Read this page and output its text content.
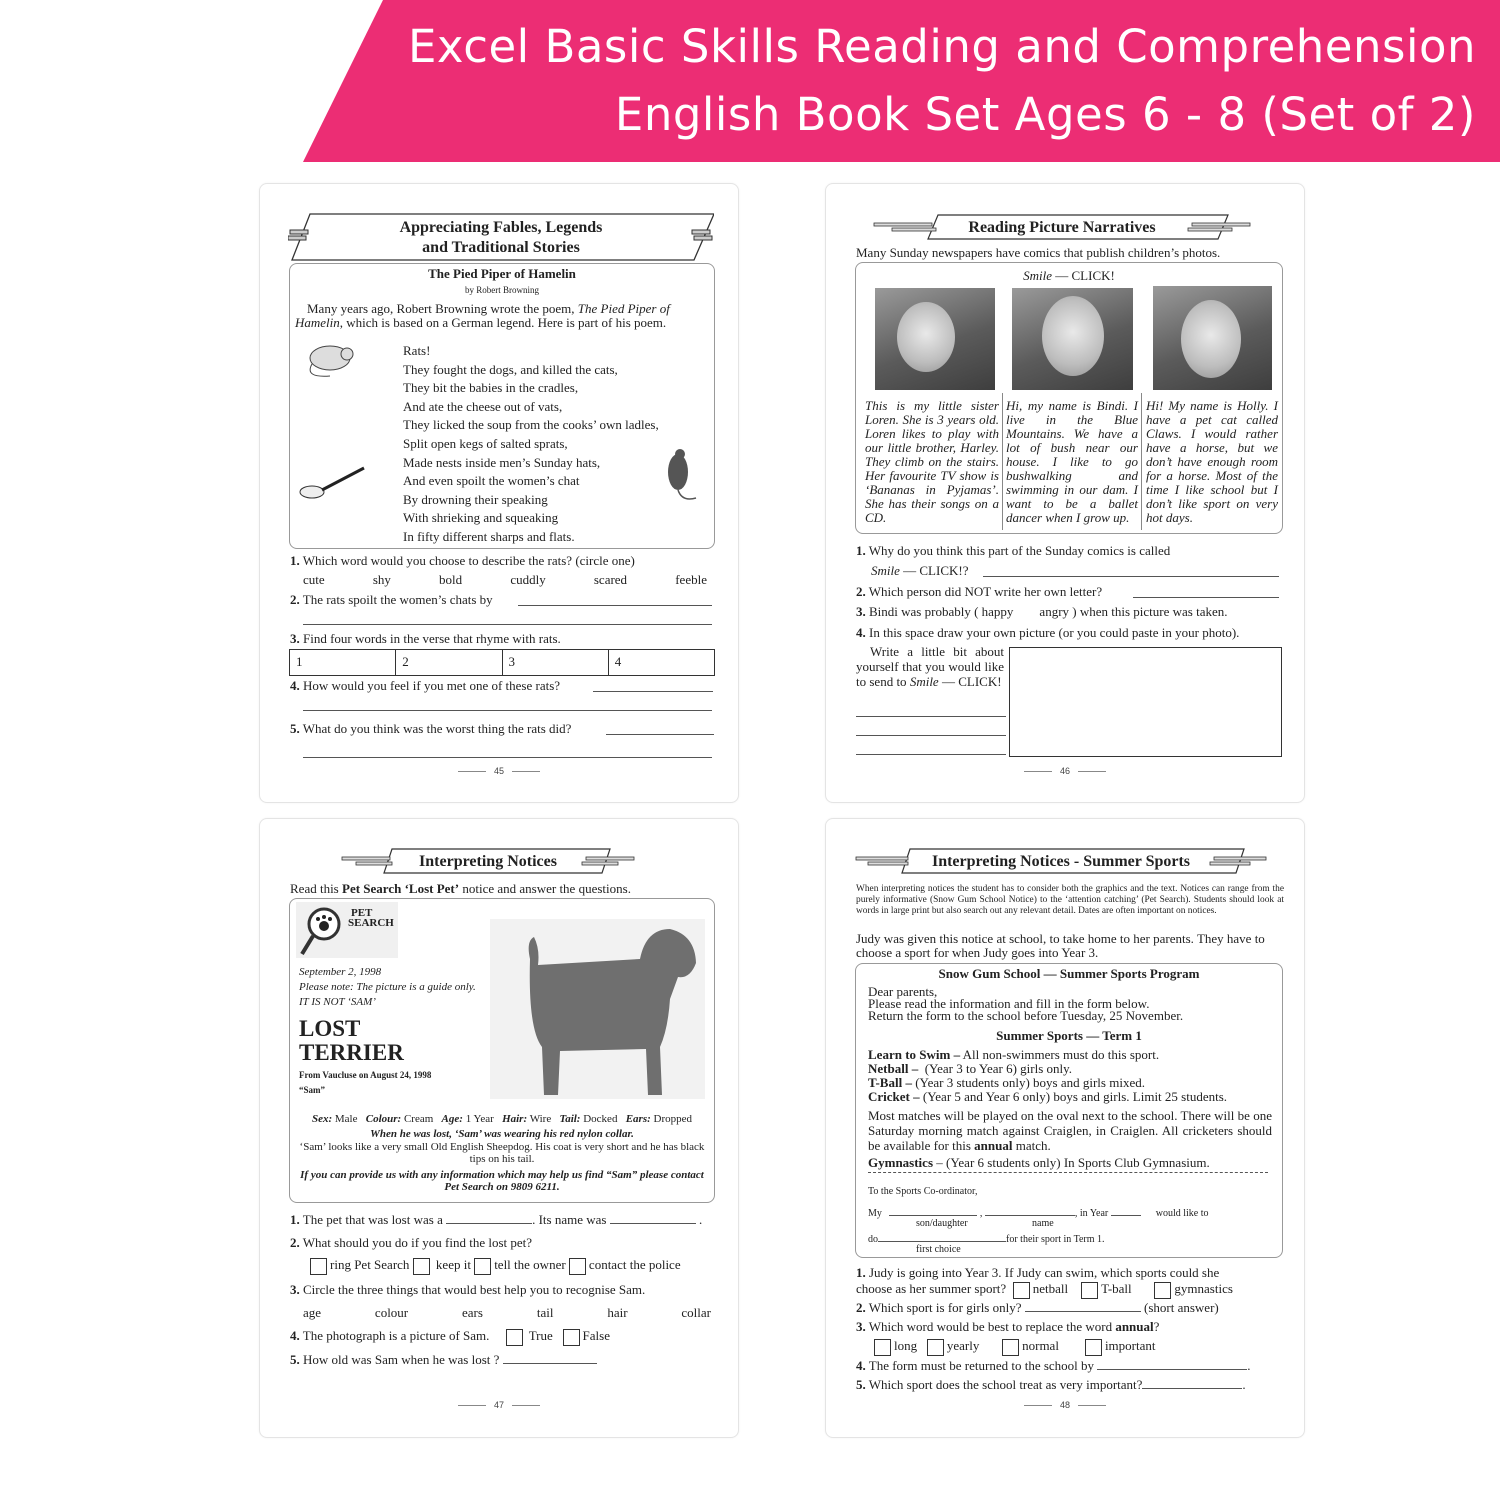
Excel Basic Skills Reading and Comprehension
English Book Set Ages 6 - 8 (Set of 2)
Appreciating Fables, Legends
and Traditional Stories
The Pied Piper of Hamelin
by Robert Browning
Many years ago, Robert Browning wrote the poem, The Pied Piper of Hamelin, which is based on a German legend. Here is part of his poem.
Rats!
They fought the dogs, and killed the cats,
They bit the babies in the cradles,
And ate the cheese out of vats,
They licked the soup from the cooks’ own ladles,
Split open kegs of salted sprats,
Made nests inside men’s Sunday hats,
And even spoilt the women’s chat
By drowning their speaking
With shrieking and squeaking
In fifty different sharps and flats.
1. Which word would you choose to describe the rats? (circle one)
cute	shy	bold	cuddly	scared	feeble
2. The rats spoilt the women’s chats by
3. Find four words in the verse that rhyme with rats.
1	2	3	4
4. How would you feel if you met one of these rats?
5. What do you think was the worst thing the rats did?
45
Reading Picture Narratives
Many Sunday newspapers have comics that publish children’s photos.
Smile — CLICK!
This is my little sister Loren. She is 3 years old. Loren likes to play with our little brother, Harley. They climb on the stairs. Her favourite TV show is ‘Bananas in Pyjamas’. She has their songs on a CD.
Hi, my name is Bindi. I live in the Blue Mountains. We have a lot of bush near our house. I like to go bushwalking and swimming in our dam. I want to be a ballet dancer when I grow up.
Hi! My name is Holly. I have a pet cat called Claws. I would rather have a horse, but we don’t have enough room for a horse. Most of the time I like school but I don’t like sport on very hot days.
1. Why do you think this part of the Sunday comics is called
Smile — CLICK!?
2. Which person did NOT write her own letter?
3. Bindi was probably ( happy        angry ) when this picture was taken.
4. In this space draw your own picture (or you could paste in your photo).
Write a little bit about yourself that you would like to send to Smile — CLICK!
46
Interpreting Notices
Read this Pet Search ‘Lost Pet’ notice and answer the questions.
PET
SEARCH
September 2, 1998
Please note: The picture is a guide only. IT IS NOT ‘SAM’
LOST
TERRIER
From Vaucluse on August 24, 1998
“Sam”
Sex: Male Colour: Cream Age: 1 Year Hair: Wire Tail: Docked Ears: Dropped
When he was lost, ‘Sam’ was wearing his red nylon collar.
‘Sam’ looks like a very small Old English Sheepdog. His coat is very short and he has black tips on his tail.
If you can provide us with any information which may help us find “Sam” please contact Pet Search on 9809 6211.
1. The pet that was lost was a	. Its name was	.
2. What should you do if you find the lost pet?
ring Pet Search keep it tell the owner contact the police
3. Circle the three things that would best help you to recognise Sam.
age	colour	ears	tail	hair	collar
4. The photograph is a picture of Sam.	True False
5. How old was Sam when he was lost ?
47
Interpreting Notices - Summer Sports
When interpreting notices the student has to consider both the graphics and the text. Notices can range from the purely informative (Snow Gum School Notice) to the ‘attention catching’ (Pet Search). Students should look at words in large print but also search out any relevant detail. Dates are often important on notices.
Judy was given this notice at school, to take home to her parents. They have to choose a sport for when Judy goes into Year 3.
Snow Gum School — Summer Sports Program
Dear parents,
Please read the information and fill in the form below.
Return the form to the school before Tuesday, 25 November.
Summer Sports — Term 1
Learn to Swim – All non-swimmers must do this sport.
Netball –  (Year 3 to Year 6) girls only.
T-Ball – (Year 3 students only) boys and girls mixed.
Cricket – (Year 5 and Year 6 only) boys and girls. Limit 25 students.
Most matches will be played on the oval next to the school. There will be one Saturday morning match against Craiglen, in Craiglen. All cricketers should be available for this annual match.
Gymnastics – (Year 6 students only) In Sports Club Gymnasium.
To the Sports Co-ordinator,
My	,	, in Year	would like to
son/daughter	name
do	for their sport in Term 1.
first choice
1. Judy is going into Year 3. If Judy can swim, which sports could she
choose as her summer sport? netball	T-ball	gymnastics
2. Which sport is for girls only?	(short answer)
3. Which word would be best to replace the word annual?
long yearly	normal	important
4. The form must be returned to the school by	.
5. Which sport does the school treat as very important?	.
48
